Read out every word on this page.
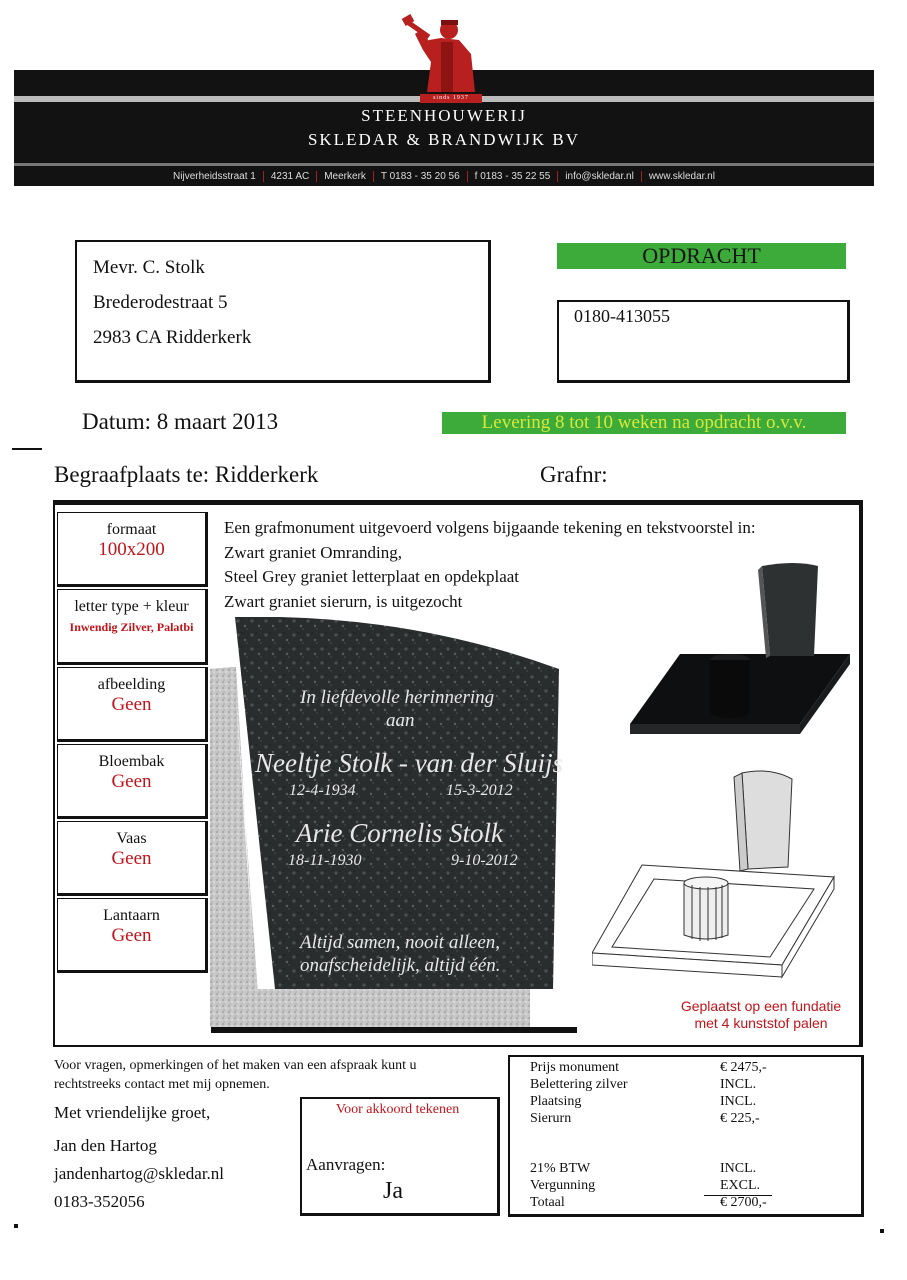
sinds 1937
STEENHOUWERIJ
SKLEDAR & BRANDWIJK BV
Nijverheidsstraat 1	4231 AC	Meerkerk	T 0183 - 35 20 56	f 0183 - 35 22 55	info@skledar.nl	www.skledar.nl
Mevr. C. Stolk
Brederodestraat 5
2983 CA Ridderkerk
OPDRACHT
0180-413055
Datum: 8 maart 2013	Levering 8 tot 10 weken na opdracht o.v.v.
Begraafplaats te: Ridderkerk	Grafnr:
formaat
100x200
letter type + kleur
Inwendig Zilver, Palatbi
afbeelding
Geen
Bloembak
Geen
Vaas
Geen
Lantaarn
Geen
Een grafmonument uitgevoerd volgens bijgaande tekening en tekstvoorstel in:
Zwart graniet Omranding,
Steel Grey graniet letterplaat en opdekplaat
Zwart graniet sierurn, is uitgezocht
In liefdevolle herinnering
aan
Neeltje Stolk - van der Sluijs
12-4-1934	15-3-2012
Arie Cornelis Stolk
18-11-1930	9-10-2012
Altijd samen, nooit alleen,
onafscheidelijk, altijd één.
Geplaatst op een fundatie met 4 kunststof palen
Voor vragen, opmerkingen of het maken van een afspraak kunt u rechtstreeks contact met mij opnemen.
Met vriendelijke groet,
Jan den Hartog
jandenhartog@skledar.nl
0183-352056
Voor akkoord tekenen
Aanvragen:
Ja
Prijs monument	€ 2475,-
Belettering zilver	INCL.
Plaatsing	INCL.
Sierurn	€ 225,-
21% BTW	INCL.
Vergunning	EXCL.
Totaal	€ 2700,-
